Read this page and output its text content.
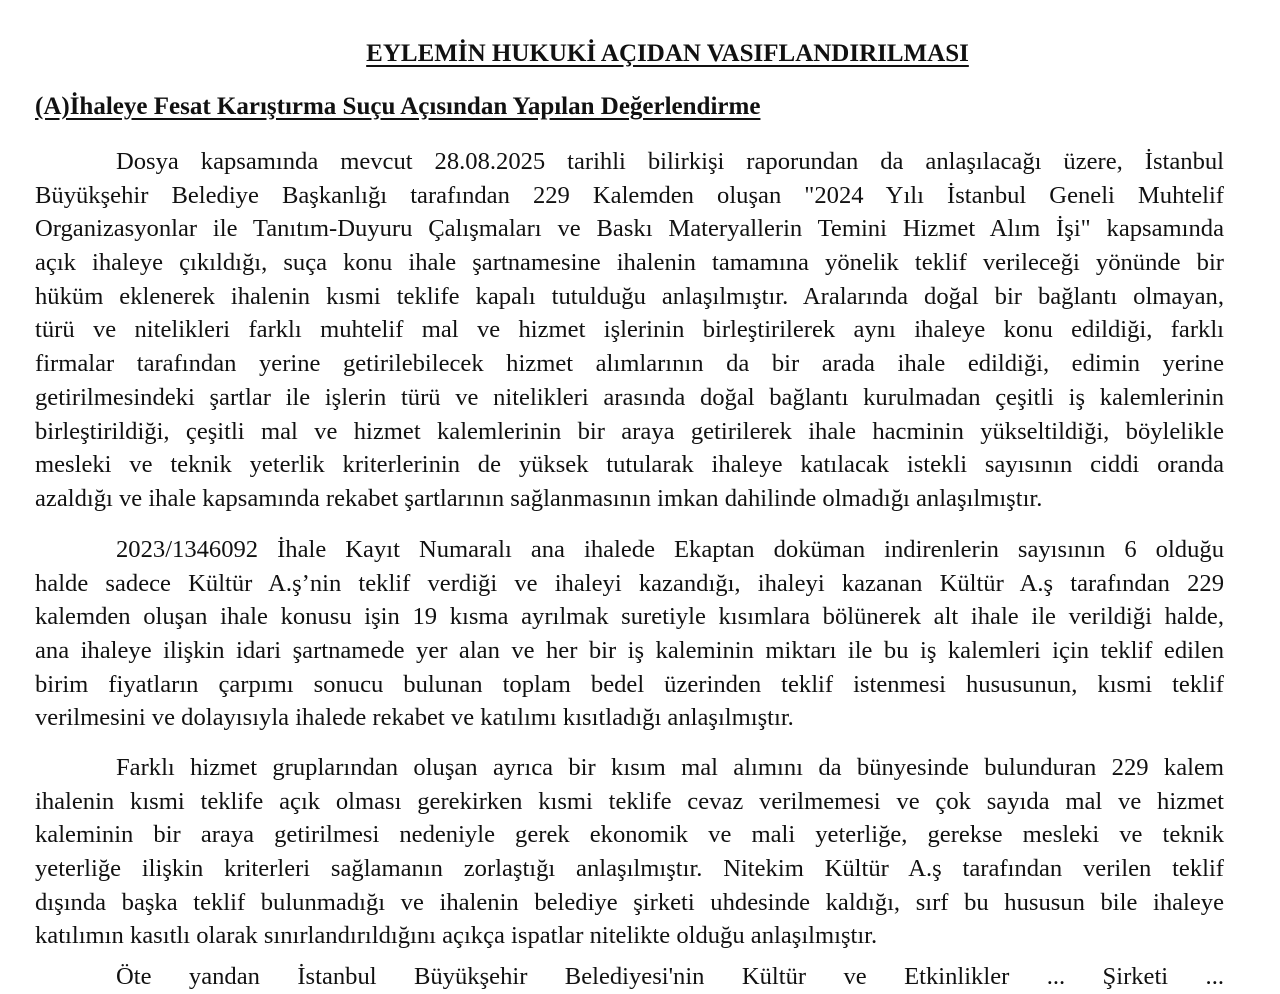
EYLEMİN HUKUKİ AÇIDAN VASIFLANDIRILMASI
(A)İhaleye Fesat Karıştırma Suçu Açısından Yapılan Değerlendirme
Dosya kapsamında mevcut 28.08.2025 tarihli bilirkişi raporundan da anlaşılacağı üzere, İstanbul
Büyükşehir Belediye Başkanlığı tarafından 229 Kalemden oluşan "2024 Yılı İstanbul Geneli Muhtelif
Organizasyonlar ile Tanıtım-Duyuru Çalışmaları ve Baskı Materyallerin Temini Hizmet Alım İşi" kapsamında
açık ihaleye çıkıldığı, suça konu ihale şartnamesine ihalenin tamamına yönelik teklif verileceği yönünde bir
hüküm eklenerek ihalenin kısmi teklife kapalı tutulduğu anlaşılmıştır. Aralarında doğal bir bağlantı olmayan,
türü ve nitelikleri farklı muhtelif mal ve hizmet işlerinin birleştirilerek aynı ihaleye konu edildiği, farklı
firmalar tarafından yerine getirilebilecek hizmet alımlarının da bir arada ihale edildiği, edimin yerine
getirilmesindeki şartlar ile işlerin türü ve nitelikleri arasında doğal bağlantı kurulmadan çeşitli iş kalemlerinin
birleştirildiği, çeşitli mal ve hizmet kalemlerinin bir araya getirilerek ihale hacminin yükseltildiği, böylelikle
mesleki ve teknik yeterlik kriterlerinin de yüksek tutularak ihaleye katılacak istekli sayısının ciddi oranda
azaldığı ve ihale kapsamında rekabet şartlarının sağlanmasının imkan dahilinde olmadığı anlaşılmıştır.
2023/1346092 İhale Kayıt Numaralı ana ihalede Ekaptan doküman indirenlerin sayısının 6 olduğu
halde sadece Kültür A.ş’nin teklif verdiği ve ihaleyi kazandığı, ihaleyi kazanan Kültür A.ş tarafından 229
kalemden oluşan ihale konusu işin 19 kısma ayrılmak suretiyle kısımlara bölünerek alt ihale ile verildiği halde,
ana ihaleye ilişkin idari şartnamede yer alan ve her bir iş kaleminin miktarı ile bu iş kalemleri için teklif edilen
birim fiyatların çarpımı sonucu bulunan toplam bedel üzerinden teklif istenmesi hususunun, kısmi teklif
verilmesini ve dolayısıyla ihalede rekabet ve katılımı kısıtladığı anlaşılmıştır.
Farklı hizmet gruplarından oluşan ayrıca bir kısım mal alımını da bünyesinde bulunduran 229 kalem
ihalenin kısmi teklife açık olması gerekirken kısmi teklife cevaz verilmemesi ve çok sayıda mal ve hizmet
kaleminin bir araya getirilmesi nedeniyle gerek ekonomik ve mali yeterliğe, gerekse mesleki ve teknik
yeterliğe ilişkin kriterleri sağlamanın zorlaştığı anlaşılmıştır. Nitekim Kültür A.ş tarafından verilen teklif
dışında başka teklif bulunmadığı ve ihalenin belediye şirketi uhdesinde kaldığı, sırf bu hususun bile ihaleye
katılımın kasıtlı olarak sınırlandırıldığını açıkça ispatlar nitelikte olduğu anlaşılmıştır.
Öte yandan İstanbul Büyükşehir Belediyesi'nin Kültür ve Etkinlikler ... Şirketi ...
